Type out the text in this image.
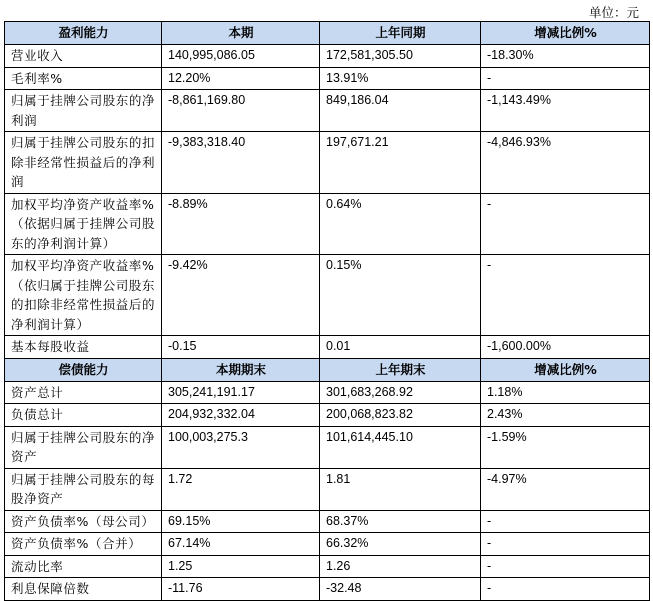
单位：元
盈利能力	本期	上年同期	增减比例%
营业收入	140,995,086.05	172,581,305.50	-18.30%
毛利率%	12.20%	13.91%	-
归属于挂牌公司股东的净利润	-8,861,169.80	849,186.04	-1,143.49%
归属于挂牌公司股东的扣除非经常性损益后的净利润	-9,383,318.40	197,671.21	-4,846.93%
加权平均净资产收益率%（依据归属于挂牌公司股东的净利润计算）	-8.89%	0.64%	-
加权平均净资产收益率%（依归属于挂牌公司股东的扣除非经常性损益后的净利润计算）	-9.42%	0.15%	-
基本每股收益	-0.15	0.01	-1,600.00%
偿债能力	本期期末	上年期末	增减比例%
资产总计	305,241,191.17	301,683,268.92	1.18%
负债总计	204,932,332.04	200,068,823.82	2.43%
归属于挂牌公司股东的净资产	100,003,275.3	101,614,445.10	-1.59%
归属于挂牌公司股东的每股净资产	1.72	1.81	-4.97%
资产负债率%（母公司）	69.15%	68.37%	-
资产负债率%（合并）	67.14%	66.32%	-
流动比率	1.25	1.26	-
利息保障倍数	-11.76	-32.48	-
